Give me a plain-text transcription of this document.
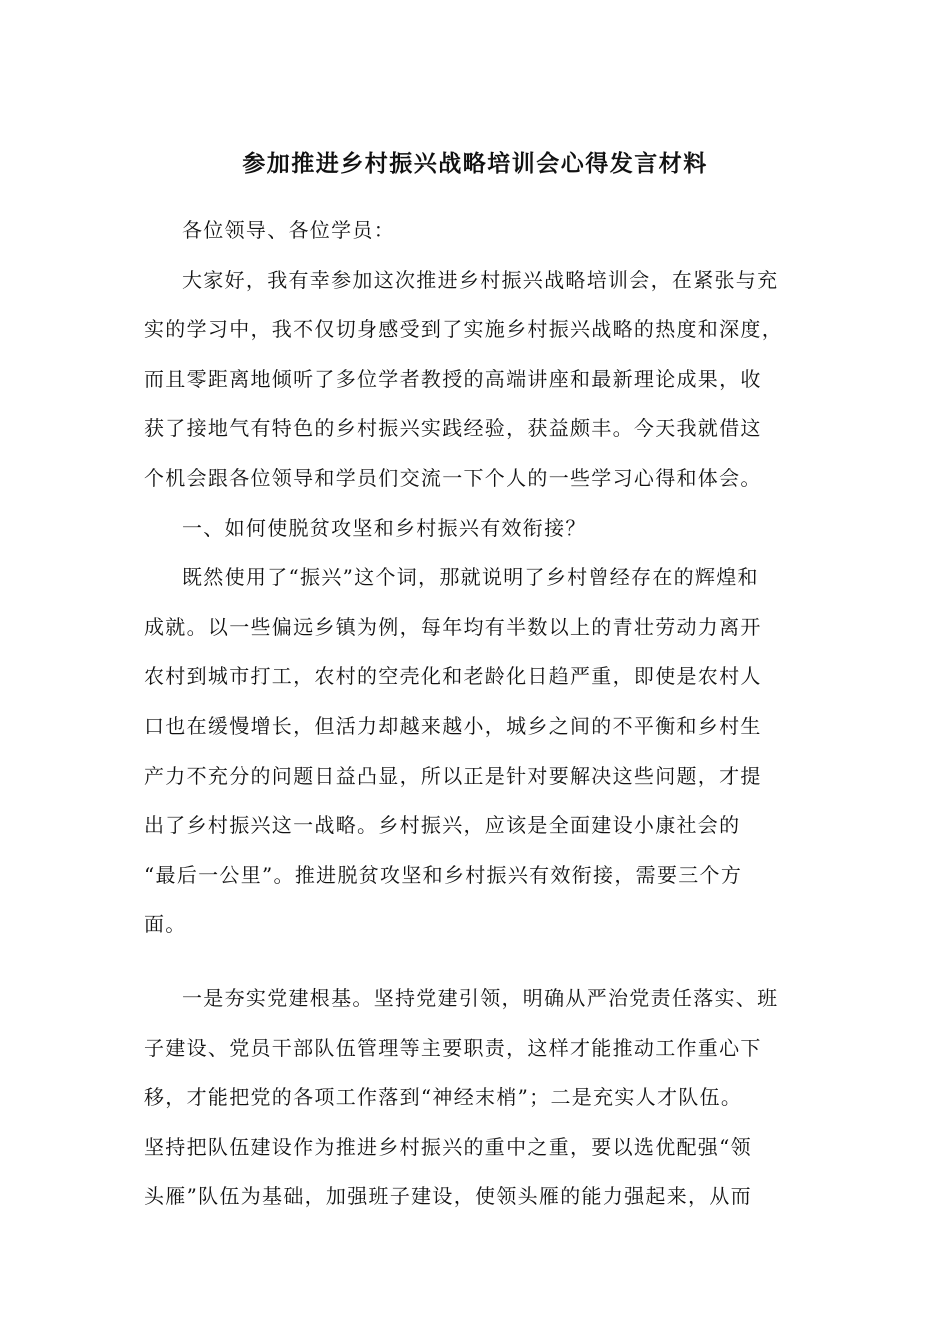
参加推进乡村振兴战略培训会心得发言材料
各位领导、各位学员：
大家好，我有幸参加这次推进乡村振兴战略培训会，在紧张与充
实的学习中，我不仅切身感受到了实施乡村振兴战略的热度和深度，
而且零距离地倾听了多位学者教授的高端讲座和最新理论成果，收
获了接地气有特色的乡村振兴实践经验，获益颇丰。今天我就借这
个机会跟各位领导和学员们交流一下个人的一些学习心得和体会。
一、如何使脱贫攻坚和乡村振兴有效衔接？
既然使用了“振兴”这个词，那就说明了乡村曾经存在的辉煌和
成就。以一些偏远乡镇为例，每年均有半数以上的青壮劳动力离开
农村到城市打工，农村的空壳化和老龄化日趋严重，即使是农村人
口也在缓慢增长，但活力却越来越小，城乡之间的不平衡和乡村生
产力不充分的问题日益凸显，所以正是针对要解决这些问题，才提
出了乡村振兴这一战略。乡村振兴，应该是全面建设小康社会的
“最后一公里”。推进脱贫攻坚和乡村振兴有效衔接，需要三个方
面。
一是夯实党建根基。坚持党建引领，明确从严治党责任落实、班
子建设、党员干部队伍管理等主要职责，这样才能推动工作重心下
移，才能把党的各项工作落到“神经末梢”；二是充实人才队伍。
坚持把队伍建设作为推进乡村振兴的重中之重，要以选优配强“领
头雁”队伍为基础，加强班子建设，使领头雁的能力强起来，从而
